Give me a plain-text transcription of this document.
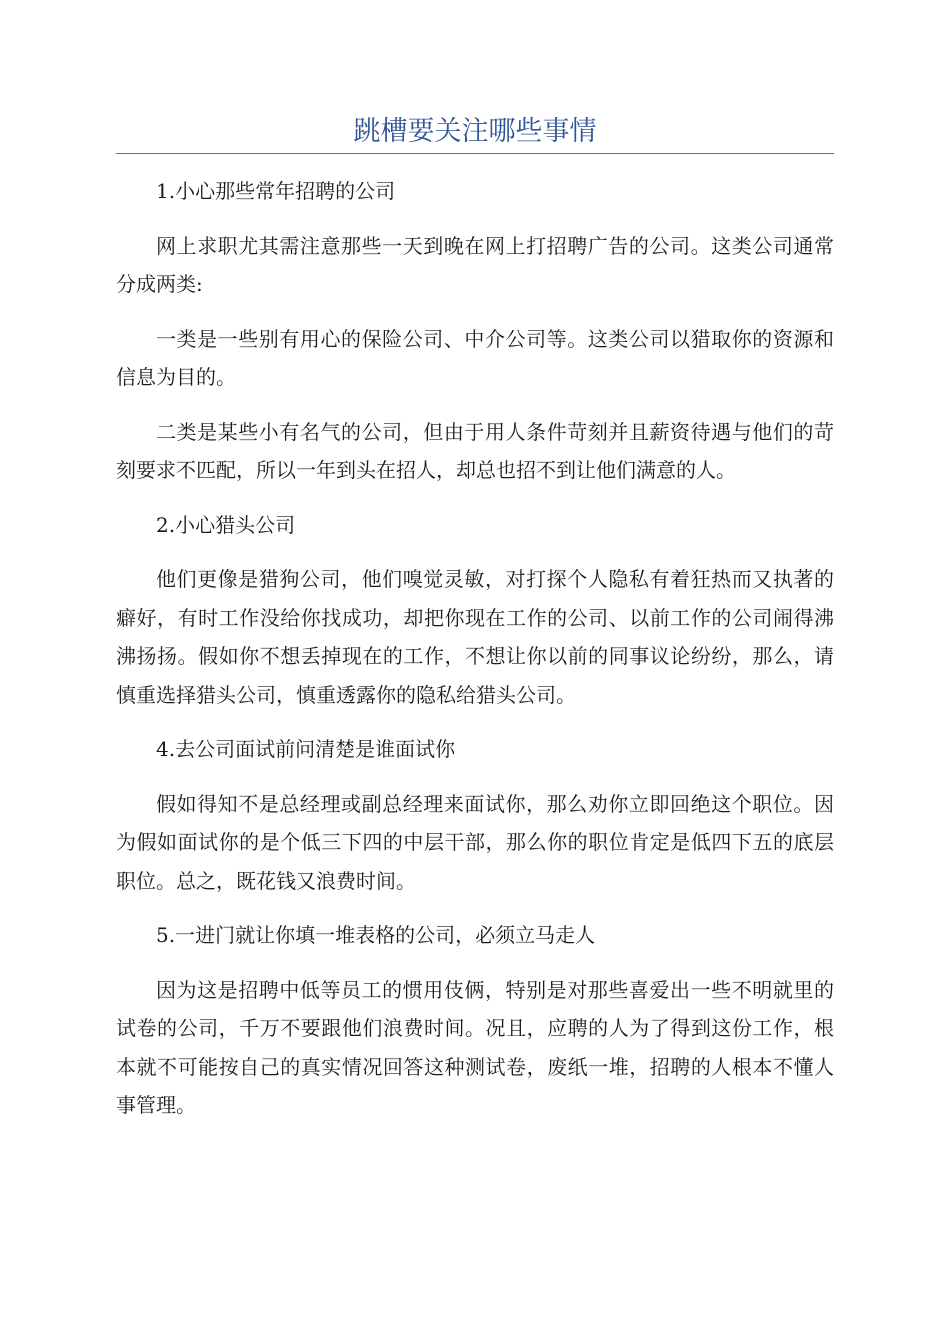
跳槽要关注哪些事情

1.小心那些常年招聘的公司

网上求职尤其需注意那些一天到晚在网上打招聘广告的公司。这类公司通常分成两类:

一类是一些别有用心的保险公司、中介公司等。这类公司以猎取你的资源和信息为目的。

二类是某些小有名气的公司，但由于用人条件苛刻并且薪资待遇与他们的苛刻要求不匹配，所以一年到头在招人，却总也招不到让他们满意的人。

2.小心猎头公司

他们更像是猎狗公司，他们嗅觉灵敏，对打探个人隐私有着狂热而又执著的癖好，有时工作没给你找成功，却把你现在工作的公司、以前工作的公司闹得沸沸扬扬。假如你不想丢掉现在的工作，不想让你以前的同事议论纷纷，那么，请慎重选择猎头公司，慎重透露你的隐私给猎头公司。

4.去公司面试前问清楚是谁面试你

假如得知不是总经理或副总经理来面试你，那么劝你立即回绝这个职位。因为假如面试你的是个低三下四的中层干部，那么你的职位肯定是低四下五的底层职位。总之，既花钱又浪费时间。

5.一进门就让你填一堆表格的公司，必须立马走人

因为这是招聘中低等员工的惯用伎俩，特别是对那些喜爱出一些不明就里的试卷的公司，千万不要跟他们浪费时间。况且，应聘的人为了得到这份工作，根本就不可能按自己的真实情况回答这种测试卷，废纸一堆，招聘的人根本不懂人事管理。
